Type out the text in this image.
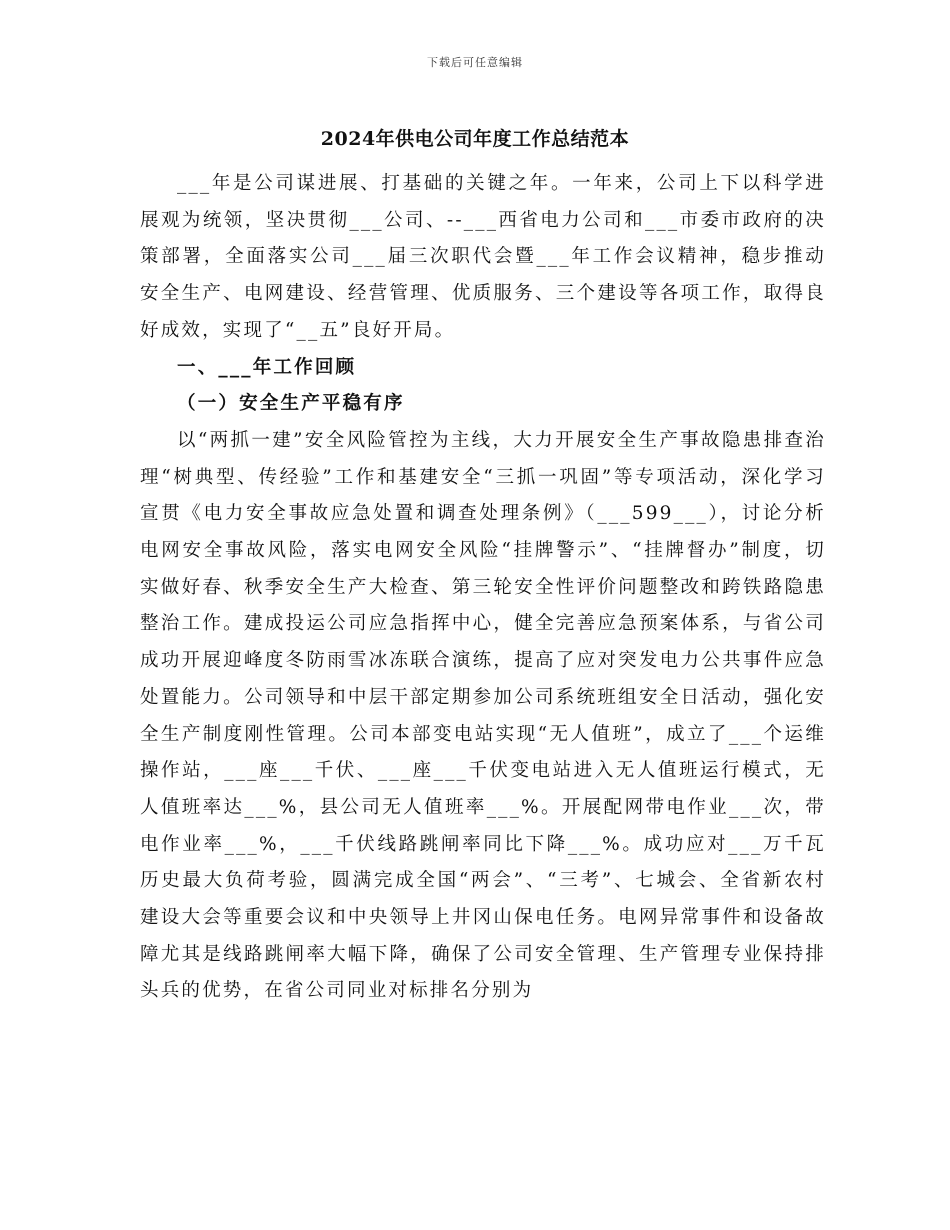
下载后可任意编辑
2024年供电公司年度工作总结范本

___年是公司谋进展、打基础的关键之年。一年来，公司上下以科学进展观为统领，坚决贯彻___公司、--___西省电力公司和___市委市政府的决策部署，全面落实公司___届三次职代会暨___年工作会议精神，稳步推动安全生产、电网建设、经营管理、优质服务、三个建设等各项工作，取得良好成效，实现了“__五”良好开局。

一、___年工作回顾

（一）安全生产平稳有序

以“两抓一建”安全风险管控为主线，大力开展安全生产事故隐患排查治理“树典型、传经验”工作和基建安全“三抓一巩固”等专项活动，深化学习宣贯《电力安全事故应急处置和调查处理条例》（___599___），讨论分析电网安全事故风险，落实电网安全风险“挂牌警示”、“挂牌督办”制度，切实做好春、秋季安全生产大检查、第三轮安全性评价问题整改和跨铁路隐患整治工作。建成投运公司应急指挥中心，健全完善应急预案体系，与省公司成功开展迎峰度冬防雨雪冰冻联合演练，提高了应对突发电力公共事件应急处置能力。公司领导和中层干部定期参加公司系统班组安全日活动，强化安全生产制度刚性管理。公司本部变电站实现“无人值班”，成立了___个运维操作站，___座___千伏、___座___千伏变电站进入无人值班运行模式，无人值班率达___%，县公司无人值班率___%。开展配网带电作业___次，带电作业率___%，___千伏线路跳闸率同比下降___%。成功应对___万千瓦历史最大负荷考验，圆满完成全国“两会”、“三考”、七城会、全省新农村建设大会等重要会议和中央领导上井冈山保电任务。电网异常事件和设备故障尤其是线路跳闸率大幅下降，确保了公司安全管理、生产管理专业保持排头兵的优势，在省公司同业对标排名分别为
